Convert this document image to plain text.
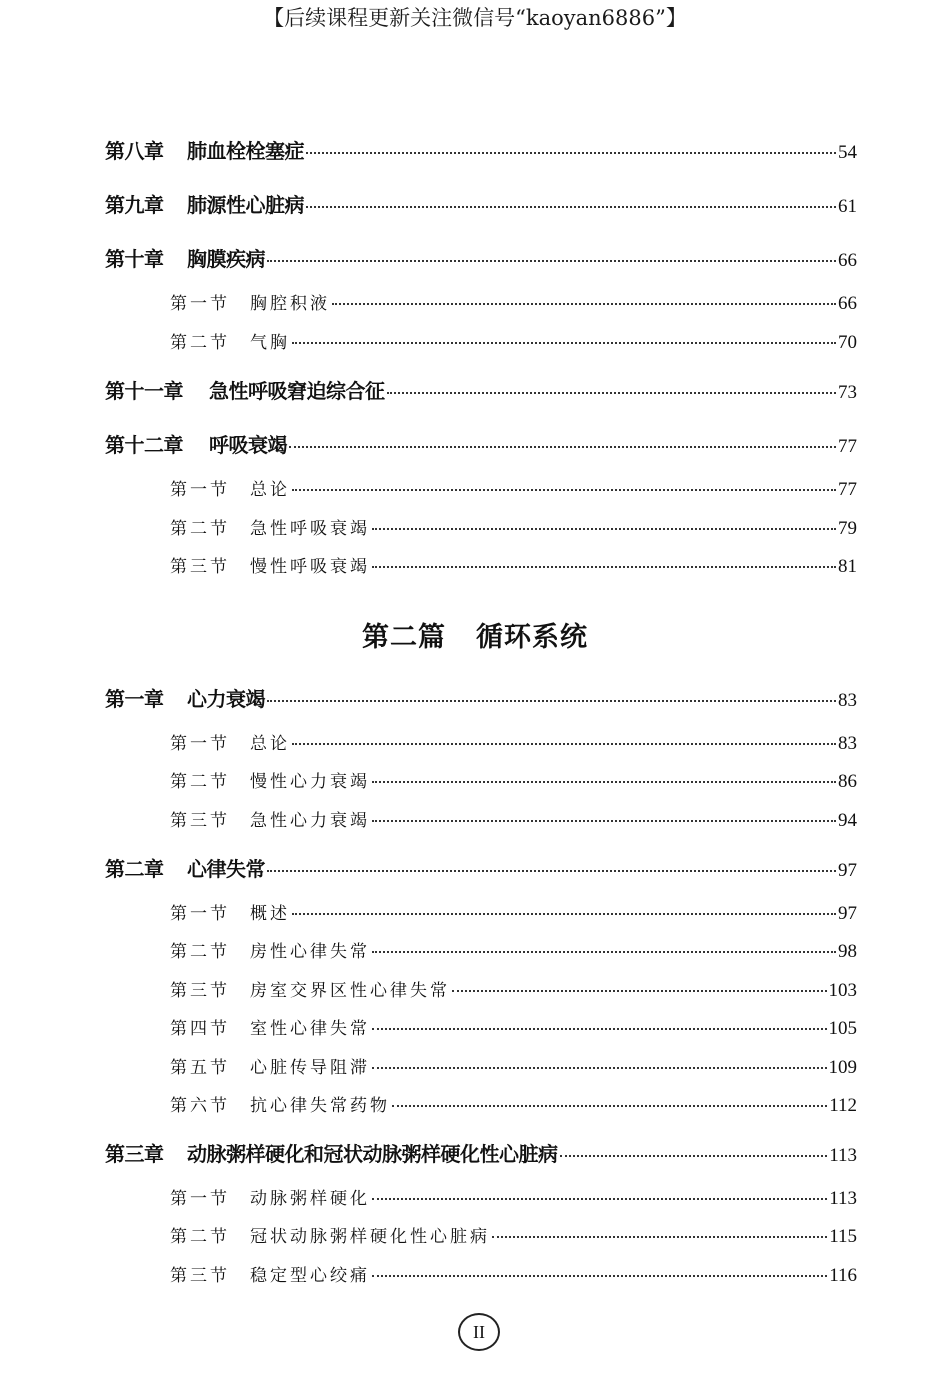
【后续课程更新关注微信号“kaoyan6886”】
第八章	肺血栓栓塞症	54
第九章	肺源性心脏病	61
第十章	胸膜疾病	66
第一节	胸腔积液	66
第二节	气胸	70
第十一章	急性呼吸窘迫综合征	73
第十二章	呼吸衰竭	77
第一节	总论	77
第二节	急性呼吸衰竭	79
第三节	慢性呼吸衰竭	81
第二篇 循环系统
第一章	心力衰竭	83
第一节	总论	83
第二节	慢性心力衰竭	86
第三节	急性心力衰竭	94
第二章	心律失常	97
第一节	概述	97
第二节	房性心律失常	98
第三节	房室交界区性心律失常	103
第四节	室性心律失常	105
第五节	心脏传导阻滞	109
第六节	抗心律失常药物	112
第三章	动脉粥样硬化和冠状动脉粥样硬化性心脏病	113
第一节	动脉粥样硬化	113
第二节	冠状动脉粥样硬化性心脏病	115
第三节	稳定型心绞痛	116
II
